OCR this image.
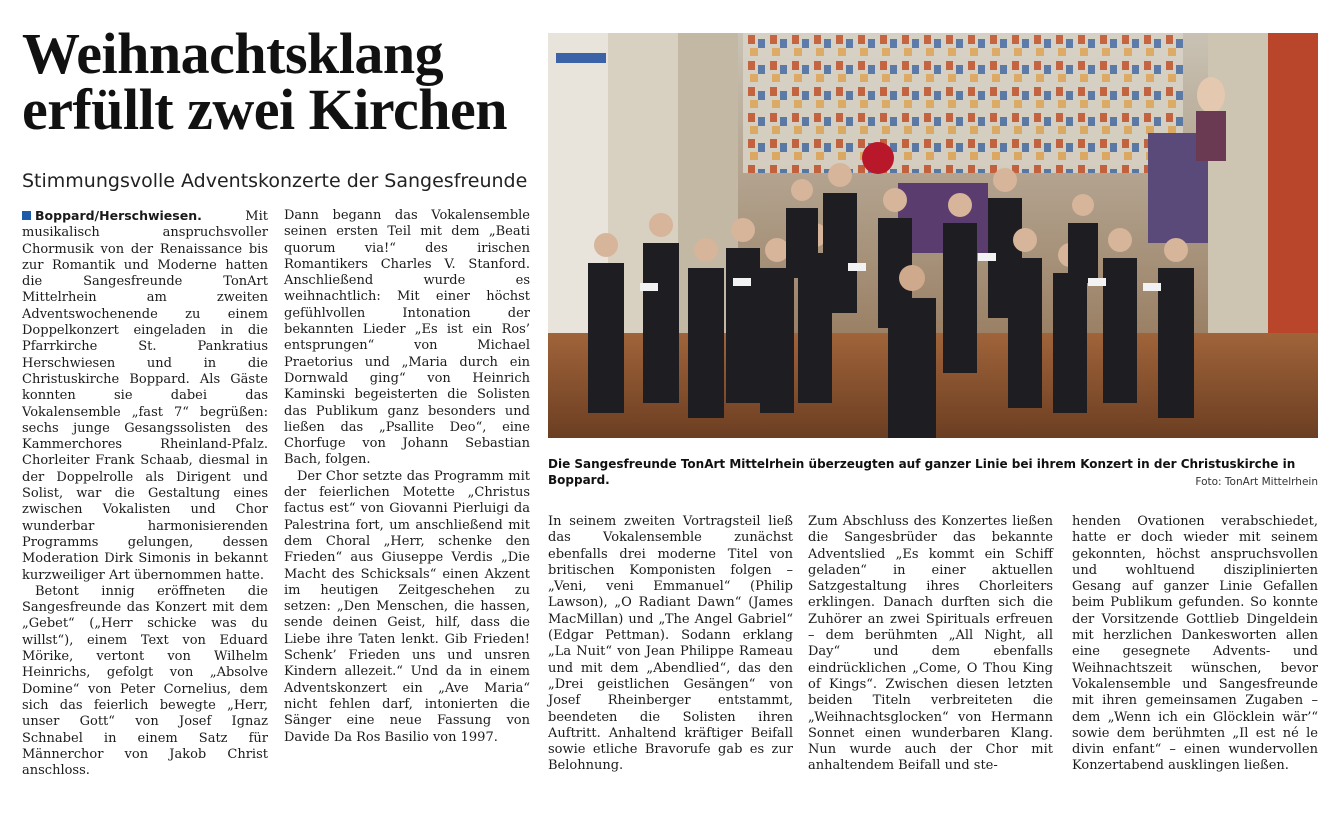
Weihnachtsklang
erfüllt zwei Kirchen
Stimmungsvolle Adventskonzerte der Sangesfreunde

Boppard/Herschwiesen.	Mit musikalisch anspruchsvoller Chormusik von der Renaissance bis zur Romantik und Moderne hatten die Sangesfreunde TonArt Mittelrhein am zweiten Adventswochenende zu einem Doppelkonzert eingeladen in die Pfarrkirche St. Pankratius Herschwiesen und in die Christuskirche Boppard. Als Gäste konnten sie dabei das Vokalensemble „fast 7“ begrüßen: sechs junge Gesangssolisten des Kammerchores Rheinland-Pfalz. Chorleiter Frank Schaab, diesmal in der Doppelrolle als Dirigent und Solist, war die Gestaltung eines zwischen Vokalisten und Chor wunderbar harmonisierenden Programms gelungen, dessen Moderation Dirk Simonis in bekannt kurzweiliger Art übernommen hatte.

Betont innig eröffneten die Sangesfreunde das Konzert mit dem „Gebet“ („Herr schicke was du willst“), einem Text von Eduard Mörike, vertont von Wilhelm Heinrichs, gefolgt von „Absolve Domine“ von Peter Cornelius, dem sich das feierlich bewegte „Herr, unser Gott“ von Josef Ignaz Schnabel in einem Satz für Männerchor von Jakob Christ anschloss.

Dann begann das Vokalensemble seinen ersten Teil mit dem „Beati quorum via!“ des irischen Romantikers Charles V. Stanford. Anschließend wurde es weihnachtlich: Mit einer höchst gefühlvollen Intonation der bekannten Lieder „Es ist ein Ros’ entsprungen“ von Michael Praetorius und „Maria durch ein Dornwald ging“ von Heinrich Kaminski begeisterten die Solisten das Publikum ganz besonders und ließen das „Psallite Deo“, eine Chorfuge von Johann Sebastian Bach, folgen.

Der Chor setzte das Programm mit der feierlichen Motette „Christus factus est“ von Giovanni Pierluigi da Palestrina fort, um anschließend mit dem Choral „Herr, schenke den Frieden“ aus Giuseppe Verdis „Die Macht des Schicksals“ einen Akzent im heutigen Zeitgeschehen zu setzen: „Den Menschen, die hassen, sende deinen Geist, hilf, dass die Liebe ihre Taten lenkt. Gib Frieden! Schenk’ Frieden uns und unsren Kindern allezeit.“ Und da in einem Adventskonzert ein „Ave Maria“ nicht fehlen darf, intonierten die Sänger eine neue Fassung von Davide Da Ros Basilio von 1997.

Die Sangesfreunde TonArt Mittelrhein überzeugten auf ganzer Linie bei ihrem Konzert in der Christuskirche in Boppard.	Foto: TonArt Mittelrhein

In seinem zweiten Vortragsteil ließ das Vokalensemble zunächst ebenfalls drei moderne Titel von britischen Komponisten folgen – „Veni, veni Emmanuel“ (Philip Lawson), „O Radiant Dawn“ (James MacMillan) und „The Angel Gabriel“ (Edgar Pettman). Sodann erklang „La Nuit“ von Jean Philippe Rameau und mit dem „Abendlied“, das den „Drei geistlichen Gesängen“ von Josef Rheinberger entstammt, beendeten die Solisten ihren Auftritt. Anhaltend kräftiger Beifall sowie etliche Bravorufe gab es zur Belohnung.

Zum Abschluss des Konzertes ließen die Sangesbrüder das bekannte Adventslied „Es kommt ein Schiff geladen“ in einer aktuellen Satzgestaltung ihres Chorleiters erklingen. Danach durften sich die Zuhörer an zwei Spirituals erfreuen – dem berühmten „All Night, all Day“ und dem ebenfalls eindrücklichen „Come, O Thou King of Kings“. Zwischen diesen letzten beiden Titeln verbreiteten die „Weihnachtsglocken“ von Hermann Sonnet einen wunderbaren Klang. Nun wurde auch der Chor mit anhaltendem Beifall und ste-

henden Ovationen verabschiedet, hatte er doch wieder mit seinem gekonnten, höchst anspruchsvollen und wohltuend disziplinierten Gesang auf ganzer Linie Gefallen beim Publikum gefunden. So konnte der Vorsitzende Gottlieb Dingeldein mit herzlichen Dankesworten allen eine gesegnete Advents- und Weihnachtszeit wünschen, bevor Vokalensemble und Sangesfreunde mit ihren gemeinsamen Zugaben – dem „Wenn ich ein Glöcklein wär’“ sowie dem berühmten „Il est né le divin enfant“ – einen wundervollen Konzertabend ausklingen ließen.
